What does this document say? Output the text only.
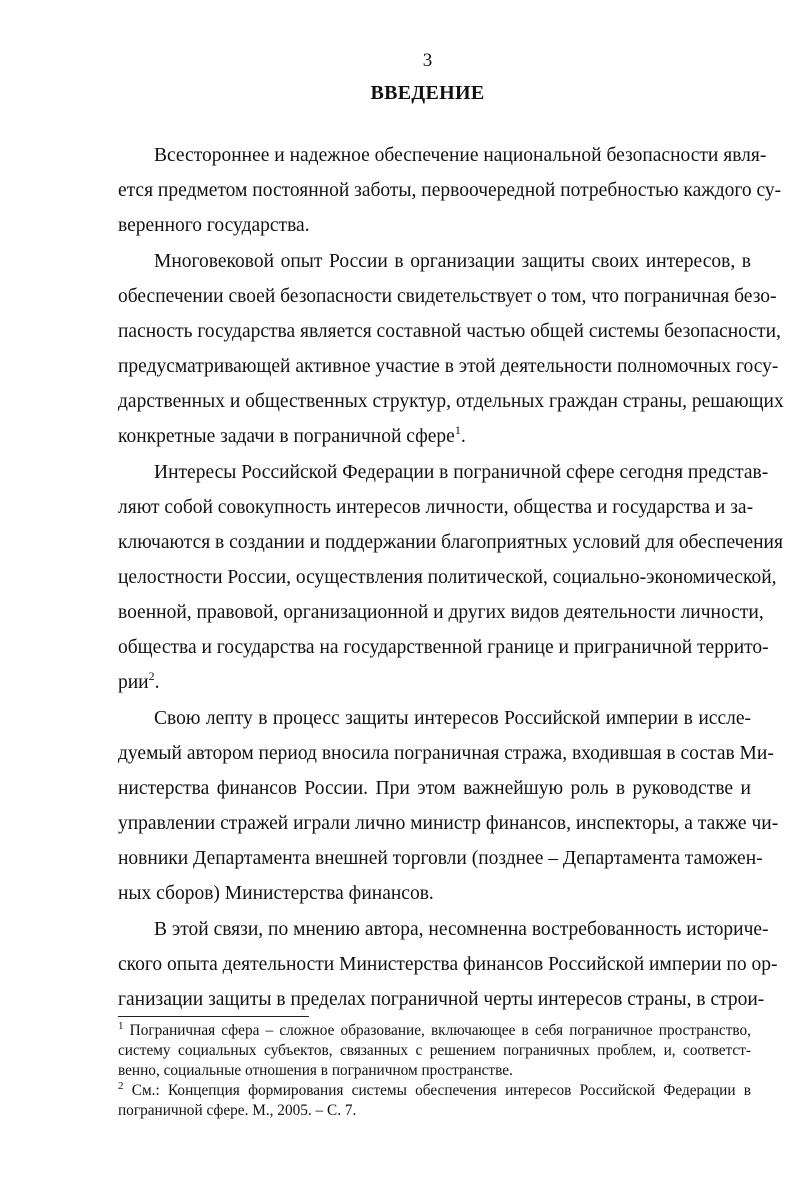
3
ВВЕДЕНИЕ
Всестороннее и надежное обеспечение национальной безопасности явля-
ется предметом постоянной заботы, первоочередной потребностью каждого су-
веренного государства.
Многовековой опыт России в организации защиты своих интересов, в
обеспечении своей безопасности свидетельствует о том, что пограничная безо-
пасность государства является составной частью общей системы безопасности,
предусматривающей активное участие в этой деятельности полномочных госу-
дарственных и общественных структур, отдельных граждан страны, решающих
конкретные задачи в пограничной сфере$^1$.
Интересы Российской Федерации в пограничной сфере сегодня представ-
ляют собой совокупность интересов личности, общества и государства и за-
ключаются в создании и поддержании благоприятных условий для обеспечения
целостности России, осуществления политической, социально-экономической,
военной, правовой, организационной и других видов деятельности личности,
общества и государства на государственной границе и приграничной террито-
рии$^2$.
Свою лепту в процесс защиты интересов Российской империи в иссле-
дуемый автором период вносила пограничная стража, входившая в состав Ми-
нистерства финансов России. При этом важнейшую роль в руководстве и
управлении стражей играли лично министр финансов, инспекторы, а также чи-
новники Департамента внешней торговли (позднее – Департамента таможен-
ных сборов) Министерства финансов.
В этой связи, по мнению автора, несомненна востребованность историче-
ского опыта деятельности Министерства финансов Российской империи по ор-
ганизации защиты в пределах пограничной черты интересов страны, в строи-
$^1$ Пограничная сфера – сложное образование, включающее в себя пограничное пространство,
систему социальных субъектов, связанных с решением пограничных проблем, и, соответст-
венно, социальные отношения в пограничном пространстве.
$^2$ См.: Концепция формирования системы обеспечения интересов Российской Федерации в
пограничной сфере. М., 2005. – С. 7.
